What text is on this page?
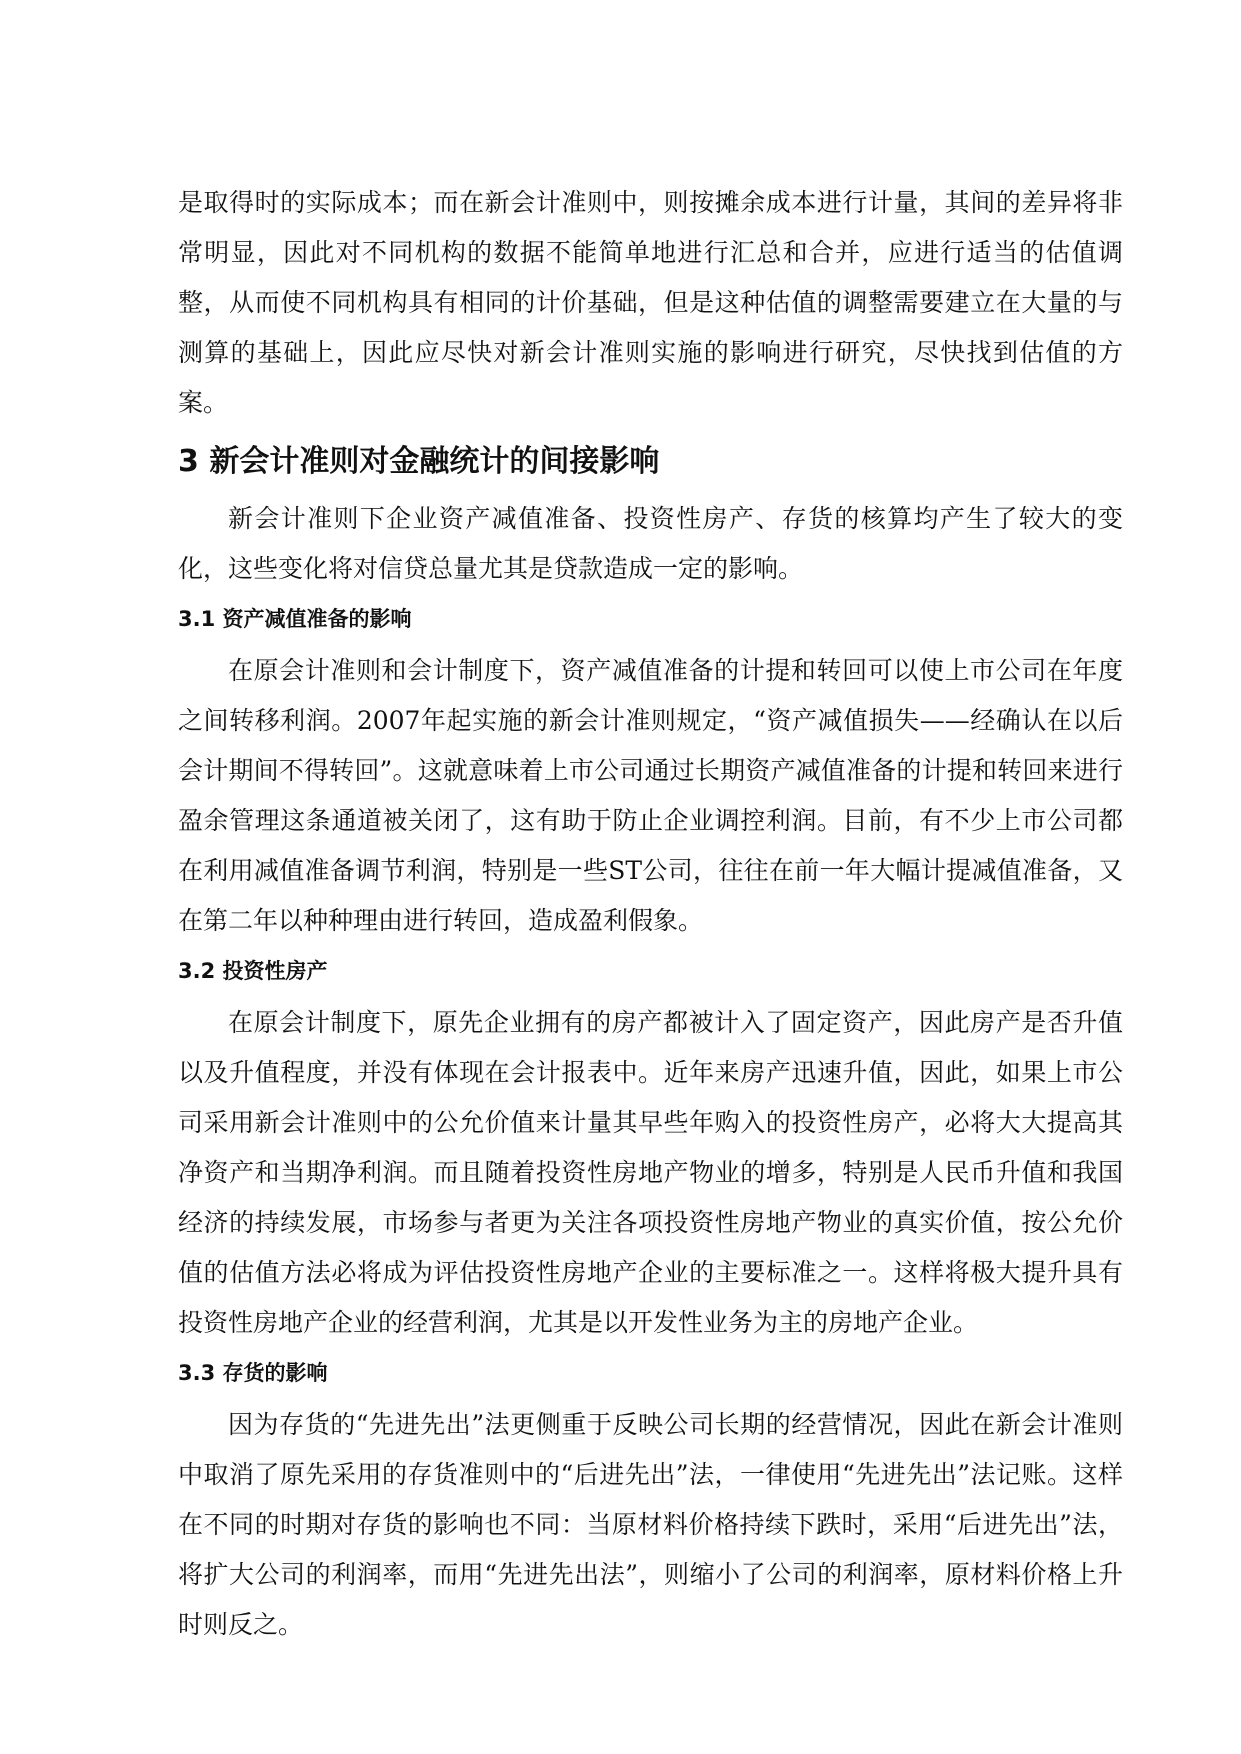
是取得时的实际成本；而在新会计准则中，则按摊余成本进行计量，其间的差异将非常明显，因此对不同机构的数据不能简单地进行汇总和合并，应进行适当的估值调整，从而使不同机构具有相同的计价基础，但是这种估值的调整需要建立在大量的与测算的基础上，因此应尽快对新会计准则实施的影响进行研究，尽快找到估值的方案。

3 新会计准则对金融统计的间接影响

新会计准则下企业资产减值准备、投资性房产、存货的核算均产生了较大的变化，这些变化将对信贷总量尤其是贷款造成一定的影响。

3.1 资产减值准备的影响

在原会计准则和会计制度下，资产减值准备的计提和转回可以使上市公司在年度之间转移利润。2007年起实施的新会计准则规定，“资产减值损失——经确认在以后会计期间不得转回”。这就意味着上市公司通过长期资产减值准备的计提和转回来进行盈余管理这条通道被关闭了，这有助于防止企业调控利润。目前，有不少上市公司都在利用减值准备调节利润，特别是一些ST公司，往往在前一年大幅计提减值准备，又在第二年以种种理由进行转回，造成盈利假象。

3.2 投资性房产

在原会计制度下，原先企业拥有的房产都被计入了固定资产，因此房产是否升值以及升值程度，并没有体现在会计报表中。近年来房产迅速升值，因此，如果上市公司采用新会计准则中的公允价值来计量其早些年购入的投资性房产，必将大大提高其净资产和当期净利润。而且随着投资性房地产物业的增多，特别是人民币升值和我国经济的持续发展，市场参与者更为关注各项投资性房地产物业的真实价值，按公允价值的估值方法必将成为评估投资性房地产企业的主要标准之一。这样将极大提升具有投资性房地产企业的经营利润，尤其是以开发性业务为主的房地产企业。

3.3 存货的影响

因为存货的“先进先出”法更侧重于反映公司长期的经营情况，因此在新会计准则中取消了原先采用的存货准则中的“后进先出”法，一律使用“先进先出”法记账。这样在不同的时期对存货的影响也不同：当原材料价格持续下跌时，采用“后进先出”法，将扩大公司的利润率，而用“先进先出法”，则缩小了公司的利润率，原材料价格上升时则反之。
